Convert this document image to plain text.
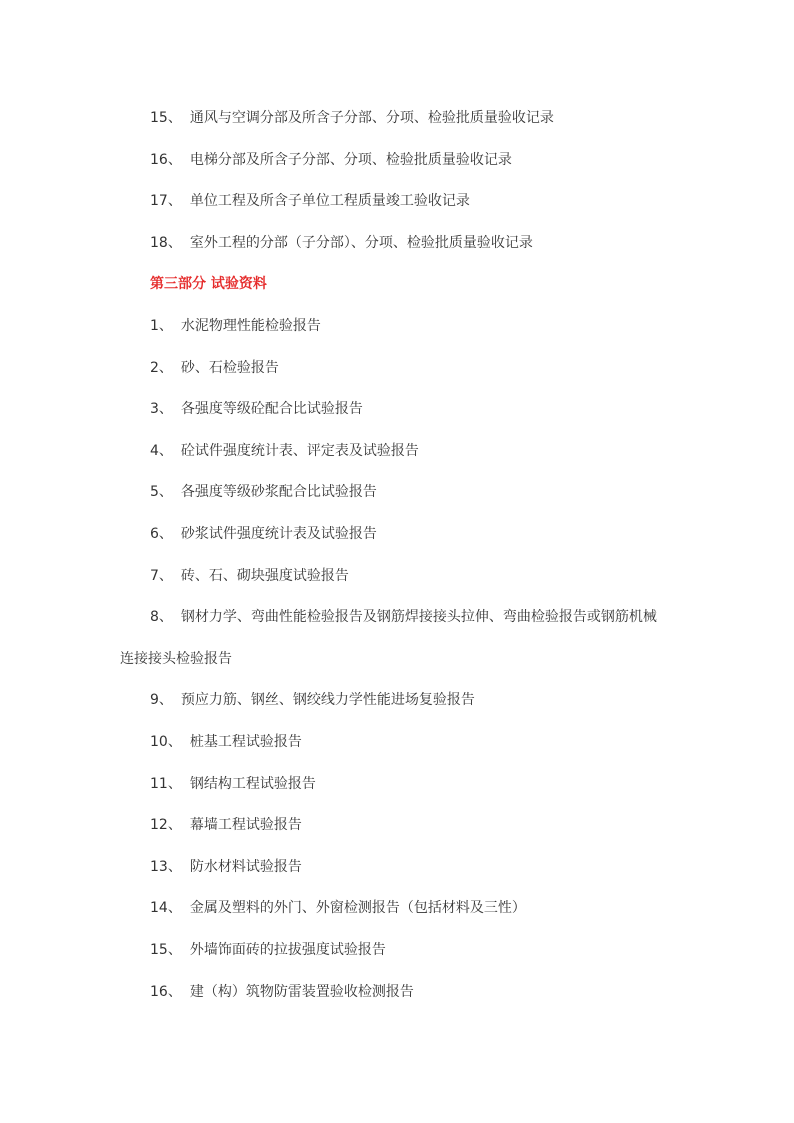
15、 通风与空调分部及所含子分部、分项、检验批质量验收记录
16、 电梯分部及所含子分部、分项、检验批质量验收记录
17、 单位工程及所含子单位工程质量竣工验收记录
18、 室外工程的分部（子分部）、分项、检验批质量验收记录
第三部分 试验资料
1、 水泥物理性能检验报告
2、 砂、石检验报告
3、 各强度等级砼配合比试验报告
4、 砼试件强度统计表、评定表及试验报告
5、 各强度等级砂浆配合比试验报告
6、 砂浆试件强度统计表及试验报告
7、 砖、石、砌块强度试验报告
8、 钢材力学、弯曲性能检验报告及钢筋焊接接头拉伸、弯曲检验报告或钢筋机械
连接接头检验报告
9、 预应力筋、钢丝、钢绞线力学性能进场复验报告
10、 桩基工程试验报告
11、 钢结构工程试验报告
12、 幕墙工程试验报告
13、 防水材料试验报告
14、 金属及塑料的外门、外窗检测报告（包括材料及三性）
15、 外墙饰面砖的拉拔强度试验报告
16、 建（构）筑物防雷装置验收检测报告
